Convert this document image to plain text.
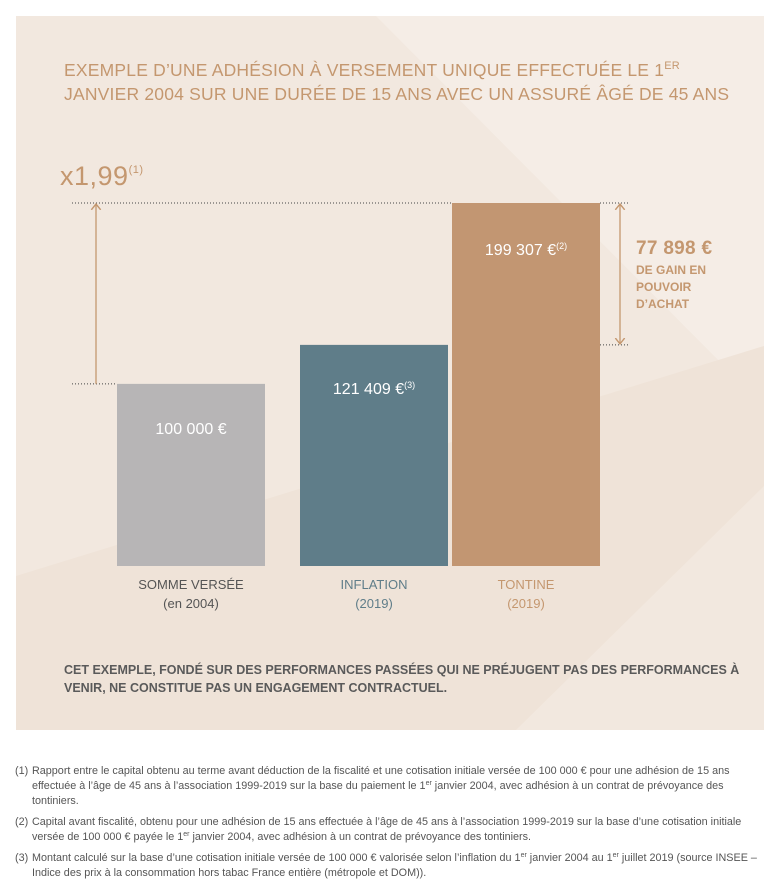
EXEMPLE D’UNE ADHÉSION À VERSEMENT UNIQUE EFFECTUÉE LE 1ER JANVIER 2004 SUR UNE DURÉE DE 15 ANS AVEC UN ASSURÉ ÂGÉ DE 45 ANS
x1,99$^{(1)}$
100 000 €
121 409 €$^{(3)}$
199 307 €$^{(2)}$
SOMME VERSÉE
(en 2004)
INFLATION
(2019)
TONTINE
(2019)
77 898 €
DE GAIN EN POUVOIR D’ACHAT

CET EXEMPLE, FONDÉ SUR DES PERFORMANCES PASSÉES QUI NE PRÉJUGENT PAS DES PERFORMANCES À VENIR, NE CONSTITUE PAS UN ENGAGEMENT CONTRACTUEL.

(1) Rapport entre le capital obtenu au terme avant déduction de la fiscalité et une cotisation initiale versée de 100 000 € pour une adhésion de 15 ans effectuée à l’âge de 45 ans à l’association 1999-2019 sur la base du paiement le 1er janvier 2004, avec adhésion à un contrat de prévoyance des tontiniers.
(2) Capital avant fiscalité, obtenu pour une adhésion de 15 ans effectuée à l’âge de 45 ans à l’association 1999-2019 sur la base d’une cotisation initiale versée de 100 000 € payée le 1er janvier 2004, avec adhésion à un contrat de prévoyance des tontiniers.
(3) Montant calculé sur la base d’une cotisation initiale versée de 100 000 € valorisée selon l’inflation du 1er janvier 2004 au 1er juillet 2019 (source INSEE – Indice des prix à la consommation hors tabac France entière (métropole et DOM)).
